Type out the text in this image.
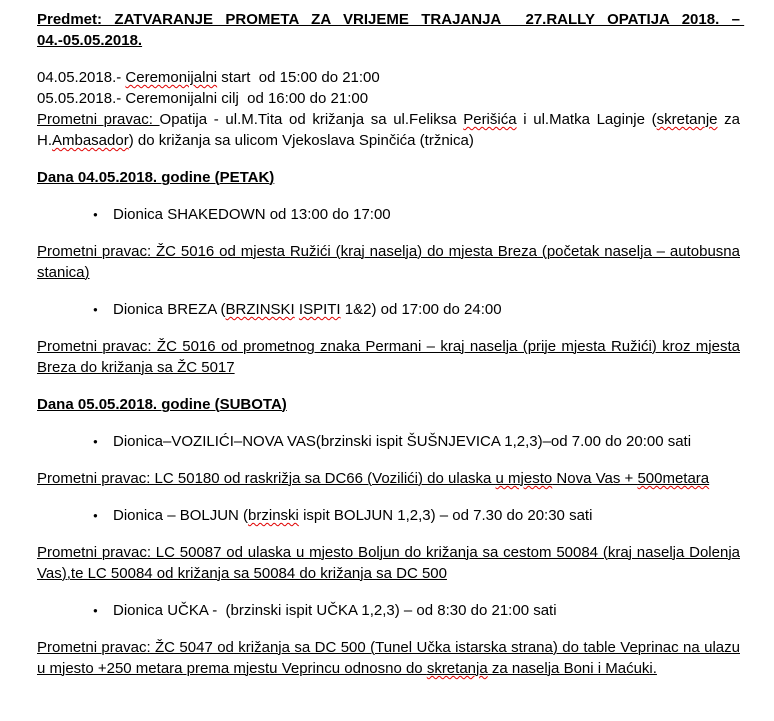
Predmet: ZATVARANJE PROMETA ZA VRIJEME TRAJANJA  27.RALLY OPATIJA 2018. – 04.-05.05.2018.

04.05.2018.- Ceremonijalni start  od 15:00 do 21:00

05.05.2018.- Ceremonijalni cilj  od 16:00 do 21:00

Prometni pravac: Opatija - ul.M.Tita od križanja sa ul.Feliksa Perišića i ul.Matka Laginje (skretanje za H.Ambasador) do križanja sa ulicom Vjekoslava Spinčića (tržnica)

Dana 04.05.2018. godine (PETAK)

●	Dionica SHAKEDOWN od 13:00 do 17:00

Prometni pravac: ŽC 5016 od mjesta Ružići (kraj naselja) do mjesta Breza (početak naselja – autobusna stanica)

●	Dionica BREZA (BRZINSKI ISPITI 1&2) od 17:00 do 24:00

Prometni pravac: ŽC 5016 od prometnog znaka Permani – kraj naselja (prije mjesta Ružići) kroz mjesta Breza do križanja sa ŽC 5017

Dana 05.05.2018. godine (SUBOTA)

●	Dionica–VOZILIĆI–NOVA VAS(brzinski ispit ŠUŠNJEVICA 1,2,3)–od 7.00 do 20:00 sati

Prometni pravac: LC 50180 od raskrižja sa DC66 (Vozilići) do ulaska u mjesto Nova Vas + 500metara

●	Dionica – BOLJUN (brzinski ispit BOLJUN 1,2,3) – od 7.30 do 20:30 sati

Prometni pravac: LC 50087 od ulaska u mjesto Boljun do križanja sa cestom 50084 (kraj naselja Dolenja Vas),te LC 50084 od križanja sa 50084 do križanja sa DC 500

●	Dionica UČKA -  (brzinski ispit UČKA 1,2,3) – od 8:30 do 21:00 sati

Prometni pravac: ŽC 5047 od križanja sa DC 500 (Tunel Učka istarska strana) do table Veprinac na ulazu u mjesto +250 metara prema mjestu Veprincu odnosno do skretanja za naselja Boni i Maćuki.
